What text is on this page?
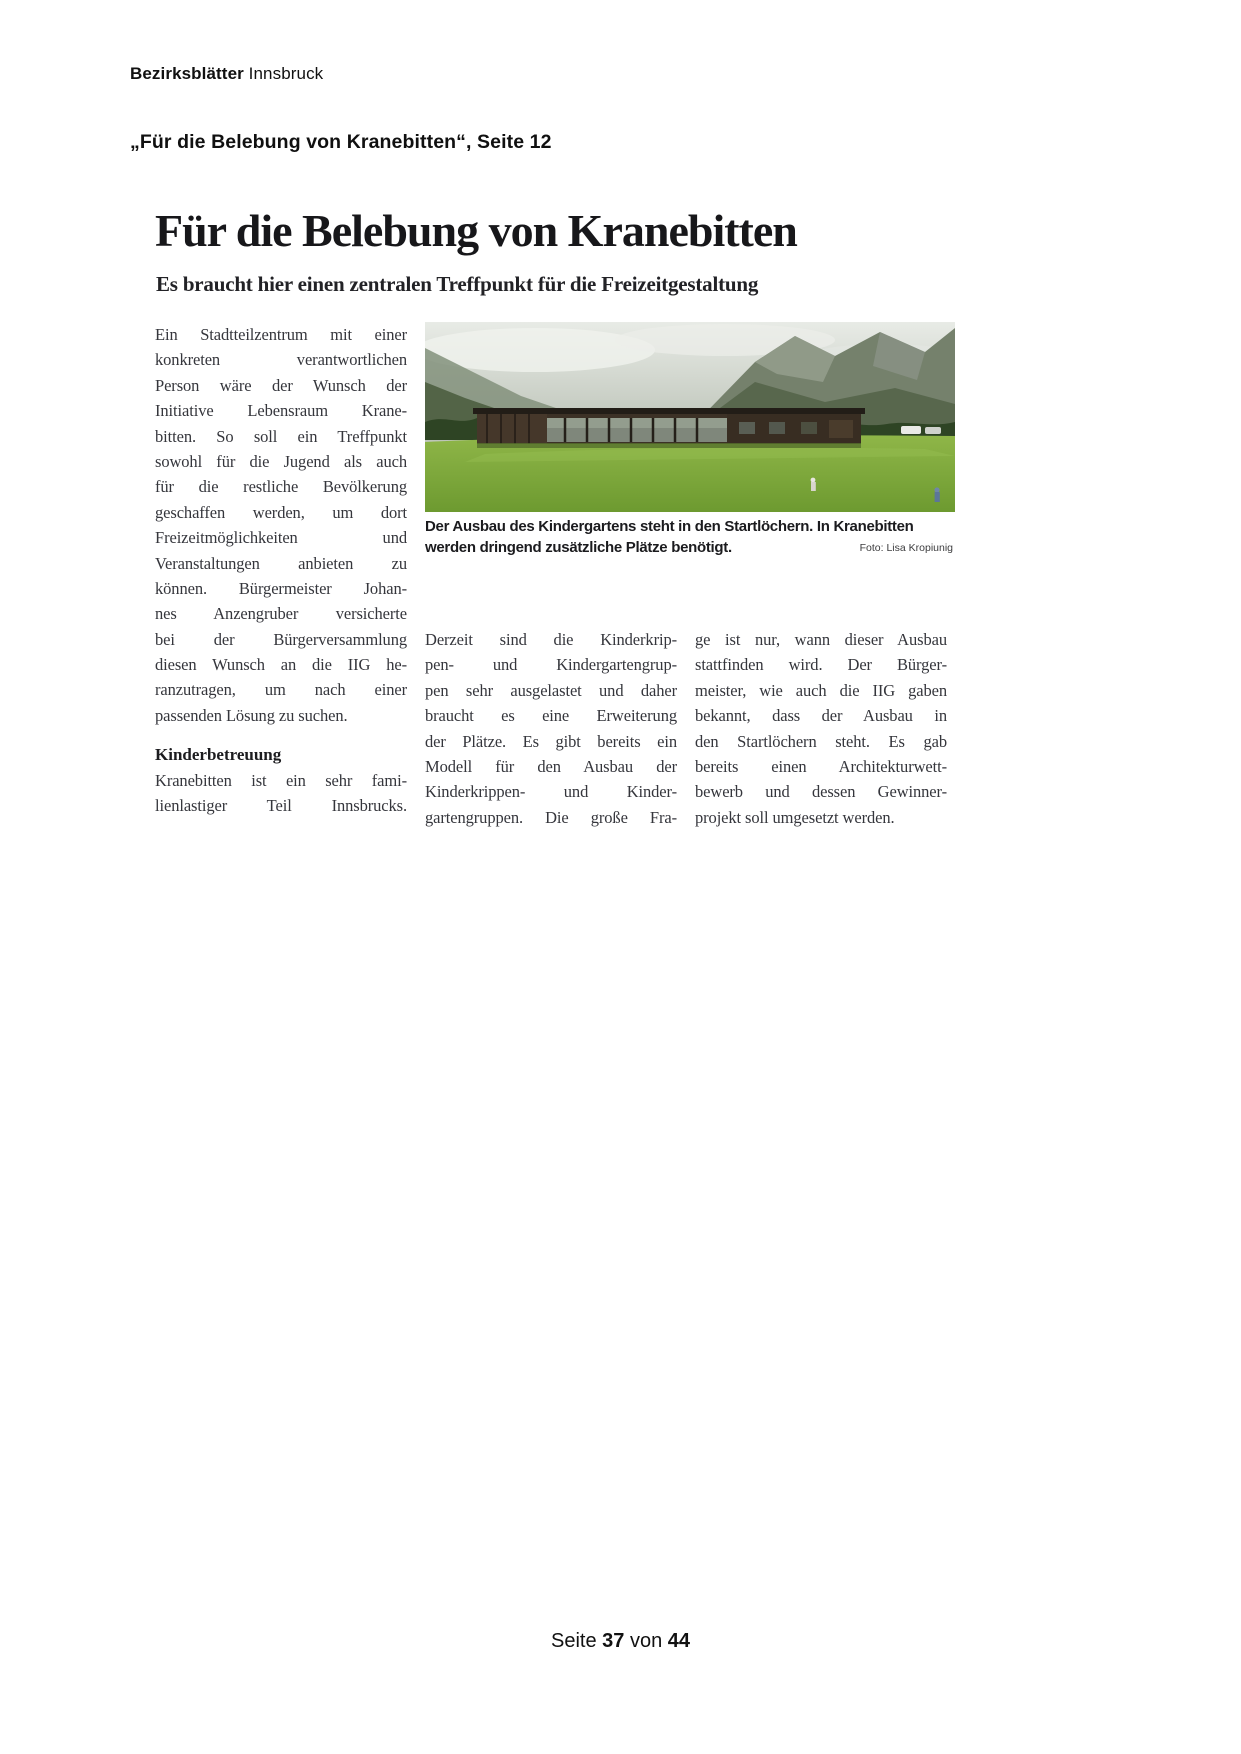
Bezirksblätter Innsbruck
„Für die Belebung von Kranebitten“, Seite 12
Für die Belebung von Kranebitten
Es braucht hier einen zentralen Treffpunkt für die Freizeitgestaltung
Ein Stadtteilzentrum mit einer
konkreten verantwortlichen
Person wäre der Wunsch der
Initiative Lebensraum Krane-
bitten. So soll ein Treffpunkt
sowohl für die Jugend als auch
für die restliche Bevölkerung
geschaffen werden, um dort
Freizeitmöglichkeiten und
Veranstaltungen anbieten zu
können. Bürgermeister Johan-
nes Anzengruber versicherte
bei der Bürgerversammlung
diesen Wunsch an die IIG he-
ranzutragen, um nach einer
passenden Lösung zu suchen.
Kinderbetreuung
Kranebitten ist ein sehr fami-
lienlastiger Teil Innsbrucks.
Der Ausbau des Kindergartens steht in den Startlöchern. In Kranebitten
werden dringend zusätzliche Plätze benötigt.	Foto: Lisa Kropiunig
Derzeit sind die Kinderkrip-
pen- und Kindergartengrup-
pen sehr ausgelastet und daher
braucht es eine Erweiterung
der Plätze. Es gibt bereits ein
Modell für den Ausbau der
Kinderkrippen- und Kinder-
gartengruppen. Die große Fra-
ge ist nur, wann dieser Ausbau
stattfinden wird. Der Bürger-
meister, wie auch die IIG gaben
bekannt, dass der Ausbau in
den Startlöchern steht. Es gab
bereits einen Architekturwett-
bewerb und dessen Gewinner-
projekt soll umgesetzt werden.
Seite 37 von 44
